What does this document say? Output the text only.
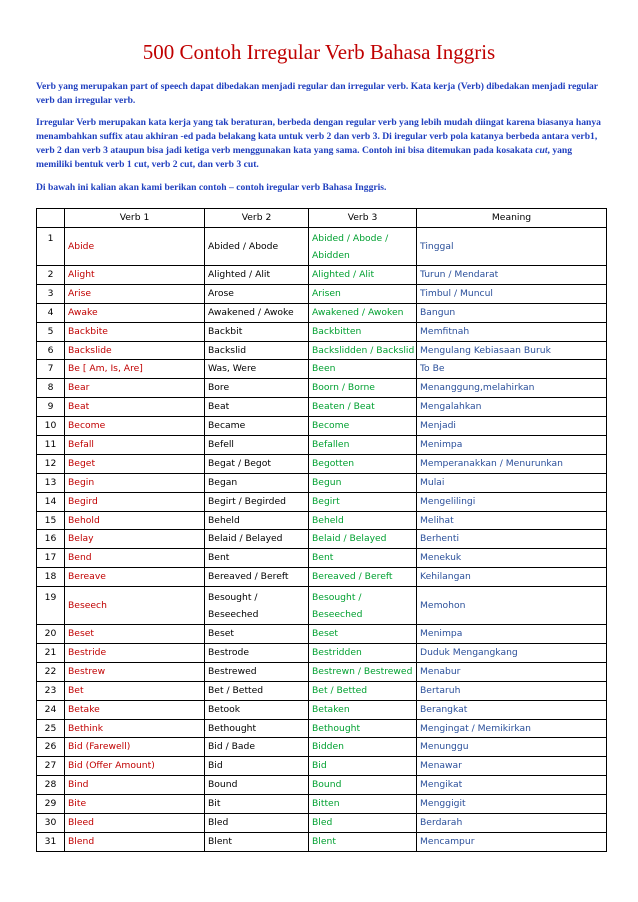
500 Contoh Irregular Verb Bahasa Inggris

Verb yang merupakan part of speech dapat dibedakan menjadi regular dan irregular verb. Kata kerja (Verb) dibedakan menjadi regular verb dan irregular verb.

Irregular Verb merupakan kata kerja yang tak beraturan, berbeda dengan regular verb yang lebih mudah diingat karena biasanya hanya menambahkan suffix atau akhiran -ed pada belakang kata untuk verb 2 dan verb 3. Di iregular verb pola katanya berbeda antara verb1, verb 2 dan verb 3 ataupun bisa jadi ketiga verb menggunakan kata yang sama. Contoh ini bisa ditemukan pada kosakata cut, yang memiliki bentuk verb 1 cut, verb 2 cut, dan verb 3 cut.

Di bawah ini kalian akan kami berikan contoh – contoh iregular verb Bahasa Inggris.

	Verb 1	Verb 2	Verb 3	Meaning
1	Abide	Abided / Abode	Abided / Abode / Abidden	Tinggal
2	Alight	Alighted / Alit	Alighted / Alit	Turun / Mendarat
3	Arise	Arose	Arisen	Timbul / Muncul
4	Awake	Awakened / Awoke	Awakened / Awoken	Bangun
5	Backbite	Backbit	Backbitten	Memfitnah
6	Backslide	Backslid	Backslidden / Backslid	Mengulang Kebiasaan Buruk
7	Be [ Am, Is, Are]	Was, Were	Been	To Be
8	Bear	Bore	Boorn / Borne	Menanggung,melahirkan
9	Beat	Beat	Beaten / Beat	Mengalahkan
10	Become	Became	Become	Menjadi
11	Befall	Befell	Befallen	Menimpa
12	Beget	Begat / Begot	Begotten	Memperanakkan / Menurunkan
13	Begin	Began	Begun	Mulai
14	Begird	Begirt / Begirded	Begirt	Mengelilingi
15	Behold	Beheld	Beheld	Melihat
16	Belay	Belaid / Belayed	Belaid / Belayed	Berhenti
17	Bend	Bent	Bent	Menekuk
18	Bereave	Bereaved / Bereft	Bereaved / Bereft	Kehilangan
19	Beseech	Besought / Beseeched	Besought / Beseeched	Memohon
20	Beset	Beset	Beset	Menimpa
21	Bestride	Bestrode	Bestridden	Duduk Mengangkang
22	Bestrew	Bestrewed	Bestrewn / Bestrewed	Menabur
23	Bet	Bet / Betted	Bet / Betted	Bertaruh
24	Betake	Betook	Betaken	Berangkat
25	Bethink	Bethought	Bethought	Mengingat / Memikirkan
26	Bid (Farewell)	Bid / Bade	Bidden	Menunggu
27	Bid (Offer Amount)	Bid	Bid	Menawar
28	Bind	Bound	Bound	Mengikat
29	Bite	Bit	Bitten	Menggigit
30	Bleed	Bled	Bled	Berdarah
31	Blend	Blent	Blent	Mencampur
